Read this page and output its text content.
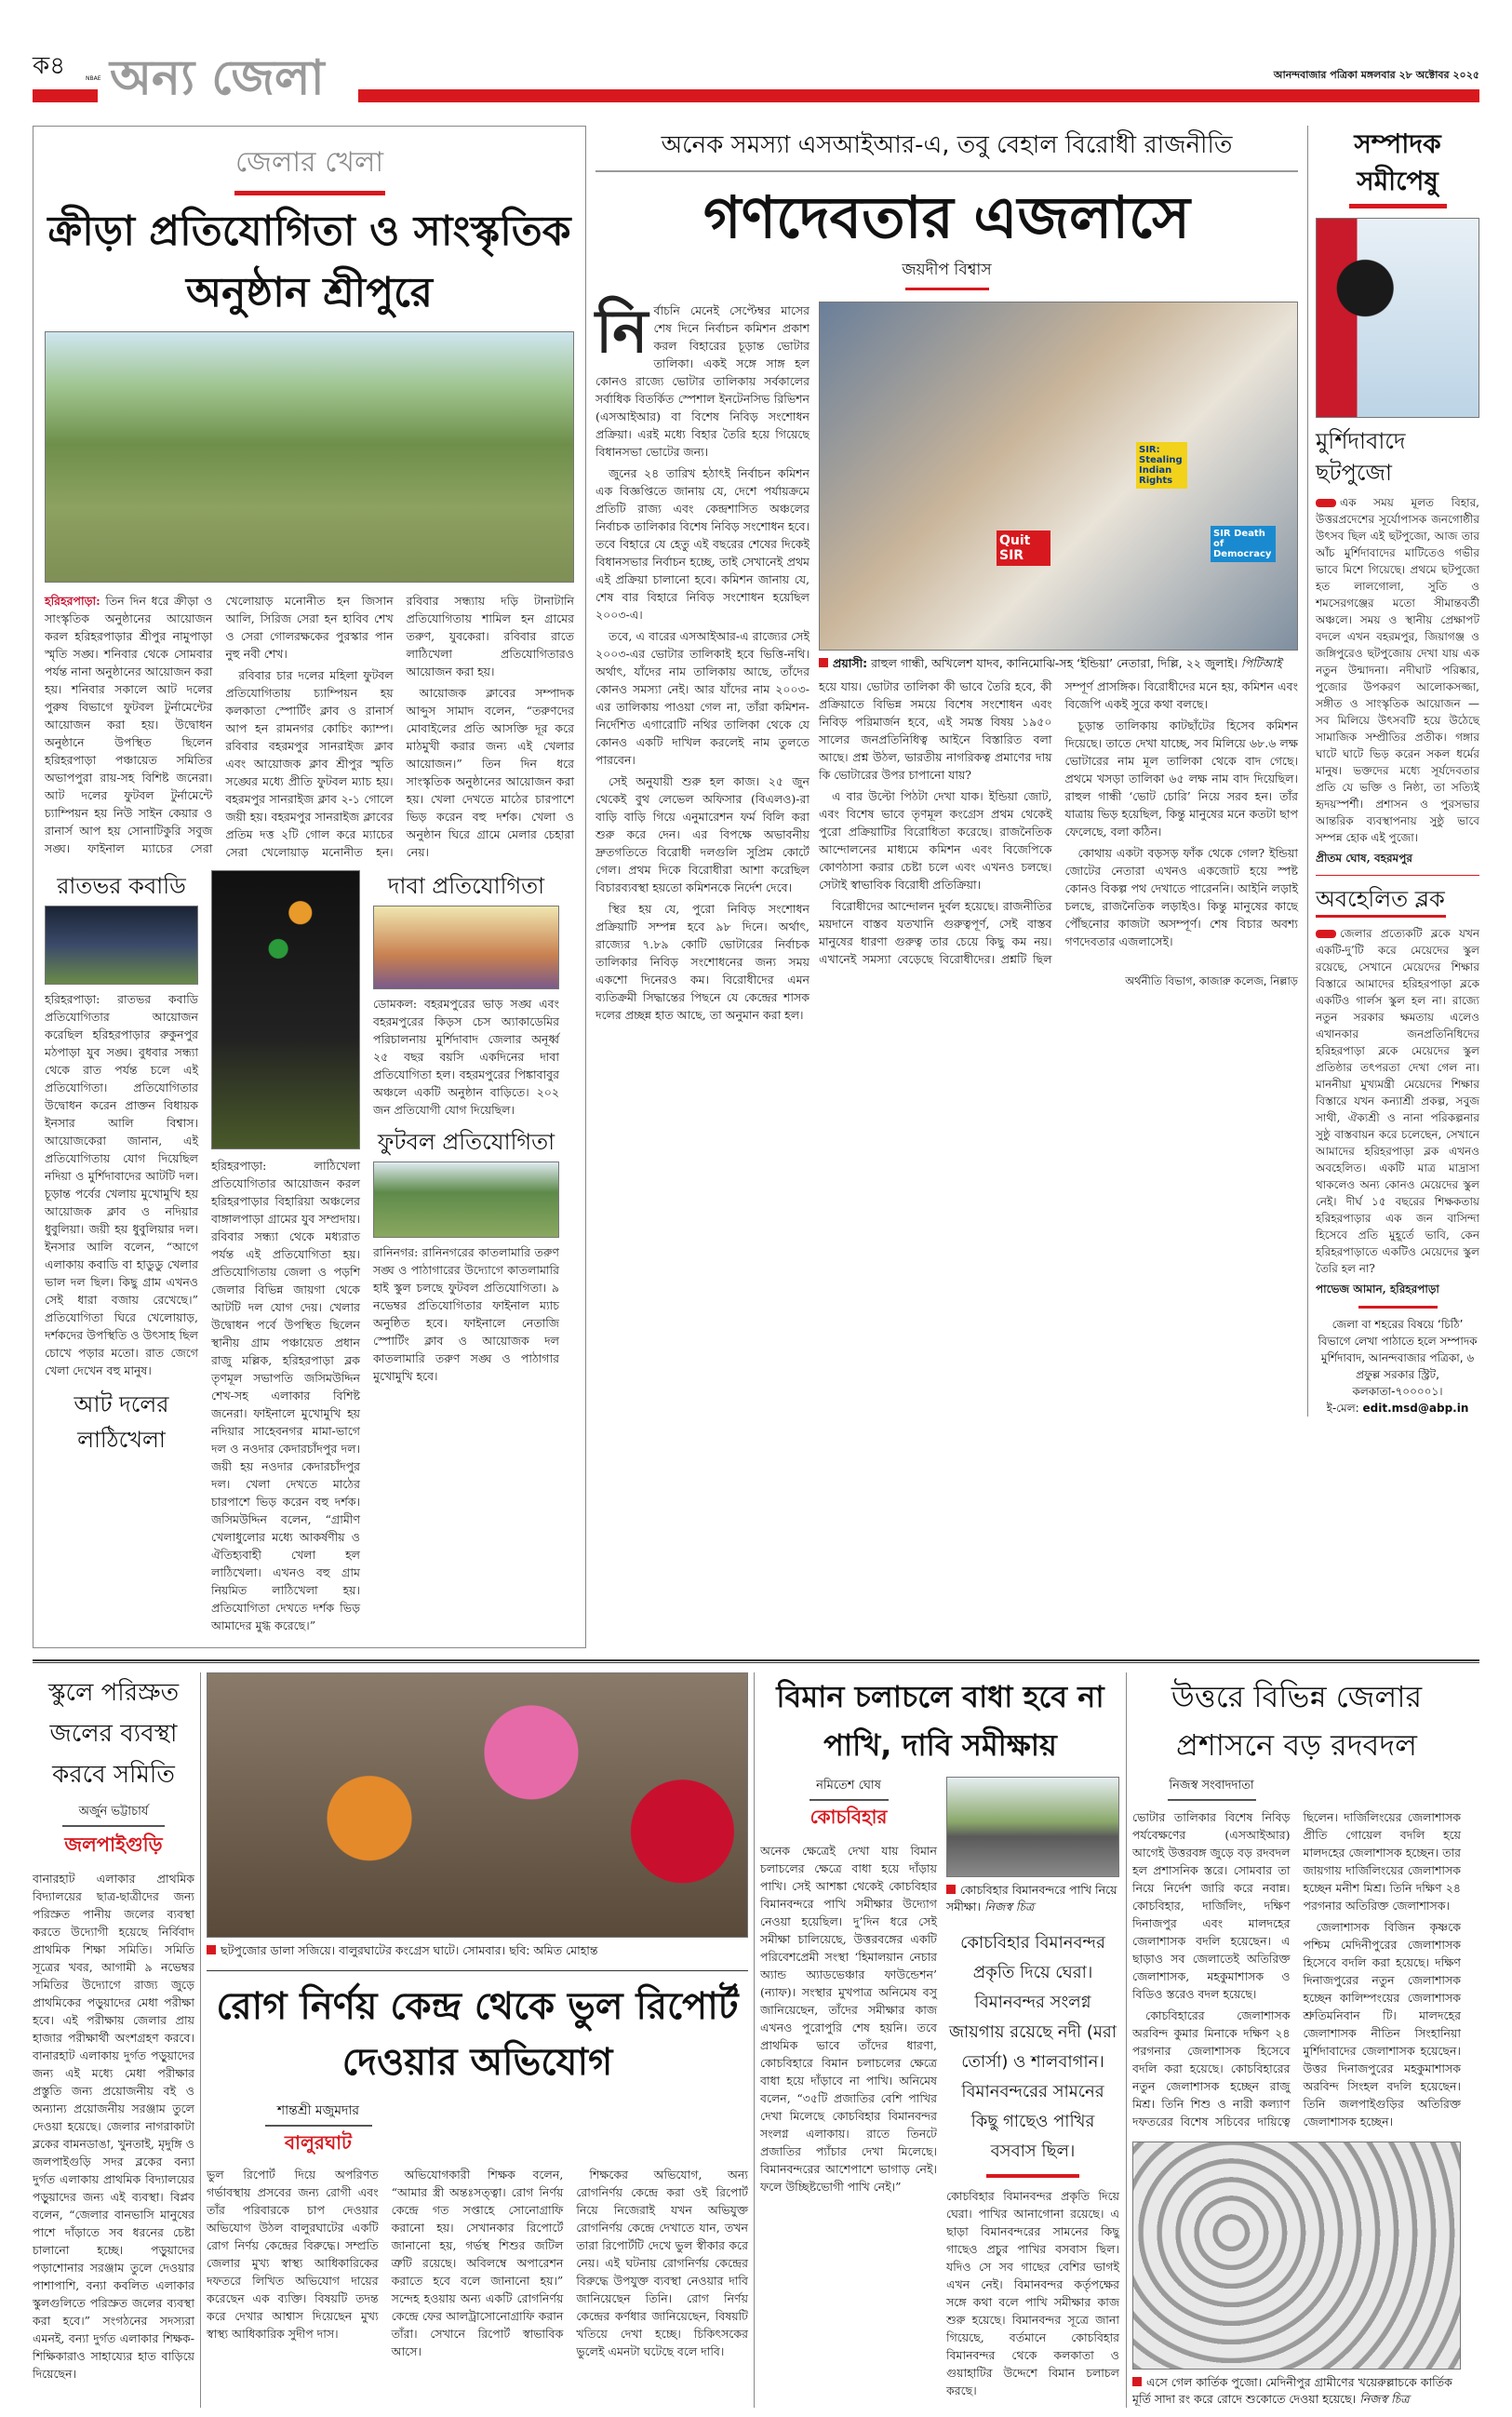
ক৪	NBAE অন্য জেলা	আনন্দবাজার পত্রিকা মঙ্গলবার ২৮ অক্টোবর ২০২৫
জেলার খেলা
ক্রীড়া প্রতিযোগিতা ও সাংস্কৃতিক অনুষ্ঠান শ্রীপুরে

হরিহরপাড়া: তিন দিন ধরে ক্রীড়া ও সাংস্কৃতিক অনুষ্ঠানের আয়োজন করল হরিহরপাড়ার শ্রীপুর নামুপাড়া স্মৃতি সঙ্ঘ। শনিবার থেকে সোমবার পর্যন্ত নানা অনুষ্ঠানের আয়োজন করা হয়। শনিবার সকালে আট দলের পুরুষ বিভাগে ফুটবল টুর্নামেন্টের আয়োজন করা হয়। উদ্বোধন অনুষ্ঠানে উপস্থিত ছিলেন হরিহরপাড়া পঞ্চায়েত সমিতির অভাপপুরা রায়-সহ বিশিষ্ট জনেরা। আট দলের ফুটবল টুর্নামেন্টে চ্যাম্পিয়ন হয় নিউ সাইন কেয়ার ও রানার্স আপ হয় সোনাটিকুরি সবুজ সঙ্ঘ। ফাইনাল ম্যাচের সেরা খেলোয়াড় মনোনীত হন জিসান আলি, সিরিজ সেরা হন হাবিব শেখ ও সেরা গোলরক্ষকের পুরস্কার পান নুহু নবী শেখ।

রবিবার চার দলের মহিলা ফুটবল প্রতিযোগিতায় চ্যাম্পিয়ন হয় কলকাতা স্পোর্টিং ক্লাব ও রানার্স আপ হন রামনগর কোচিং ক্যাম্প। রবিবার বহরমপুর সানরাইজ ক্লাব এবং আয়োজক ক্লাব শ্রীপুর স্মৃতি সঙ্ঘের মধ্যে প্রীতি ফুটবল ম্যাচ হয়। বহরমপুর সানরাইজ ক্লাব ২-১ গোলে জয়ী হয়। বহরমপুর সানরাইজ ক্লাবের প্রতিম দত্ত ২টি গোল করে ম্যাচের সেরা খেলোয়াড় মনোনীত হন। রবিবার সন্ধ্যায় দড়ি টানাটানি প্রতিযোগিতায় শামিল হন গ্রামের তরুণ, যুবকেরা। রবিবার রাতে লাঠিখেলা প্রতিযোগিতারও আয়োজন করা হয়।

আয়োজক ক্লাবের সম্পাদক আব্দুস সামাদ বলেন, “তরুণদের মোবাইলের প্রতি আসক্তি দূর করে মাঠমুখী করার জন্য এই খেলার আয়োজন।” তিন দিন ধরে সাংস্কৃতিক অনুষ্ঠানের আয়োজন করা হয়। খেলা দেখতে মাঠের চারপাশে ভিড় করেন বহু দর্শক। খেলা ও অনুষ্ঠান ঘিরে গ্রামে মেলার চেহারা নেয়।

রাতভর কবাডি
হরিহরপাড়া: রাতভর কবাডি প্রতিযোগিতার আয়োজন করেছিল হরিহরপাড়ার রুকুনপুর মঠপাড়া যুব সঙ্ঘ। বুধবার সন্ধ্যা থেকে রাত পর্যন্ত চলে এই প্রতিযোগিতা। প্রতিযোগিতার উদ্বোধন করেন প্রাক্তন বিধায়ক ইনসার আলি বিশ্বাস। আয়োজকেরা জানান, এই প্রতিযোগিতায় যোগ দিয়েছিল নদিয়া ও মুর্শিদাবাদের আটটি দল। চূড়ান্ত পর্বের খেলায় মুখোমুখি হয় আয়োজক ক্লাব ও নদিয়ার ধুবুলিয়া। জয়ী হয় ধুবুলিয়ার দল। ইনসার আলি বলেন, “আগে এলাকায় কবাডি বা হাডুডু খেলার ভাল দল ছিল। কিছু গ্রাম এখনও সেই ধারা বজায় রেখেছে।” প্রতিযোগিতা ঘিরে খেলোয়াড়, দর্শকদের উপস্থিতি ও উৎসাহ ছিল চোখে পড়ার মতো। রাত জেগে খেলা দেখেন বহু মানুষ।
আট দলের লাঠিখেলা
হরিহরপাড়া: লাঠিখেলা প্রতিযোগিতার আয়োজন করল হরিহরপাড়ার বিহারিয়া অঞ্চলের বাঙ্গালপাড়া গ্রামের যুব সম্প্রদায়। রবিবার সন্ধ্যা থেকে মধ্যরাত পর্যন্ত এই প্রতিযোগিতা হয়। প্রতিযোগিতায় জেলা ও পড়শি জেলার বিভিন্ন জায়গা থেকে আটটি দল যোগ দেয়। খেলার উদ্বোধন পর্বে উপস্থিত ছিলেন স্থানীয় গ্রাম পঞ্চায়েত প্রধান রাজু মল্লিক, হরিহরপাড়া ব্লক তৃণমূল সভাপতি জসিমউদ্দিন শেখ-সহ এলাকার বিশিষ্ট জনেরা। ফাইনালে মুখোমুখি হয় নদিয়ার সাহেবনগর মামা-ভাগে দল ও নওদার কেদারচাঁদপুর দল। জয়ী হয় নওদার কেদারচাঁদপুর দল। খেলা দেখতে মাঠের চারপাশে ভিড় করেন বহু দর্শক। জসিমউদ্দিন বলেন, “গ্রামীণ খেলাধুলোর মধ্যে আকর্ষণীয় ও ঐতিহ্যবাহী খেলা হল লাঠিখেলা। এখনও বহু গ্রাম নিয়মিত লাঠিখেলা হয়। প্রতিযোগিতা দেখতে দর্শক ভিড় আমাদের মুগ্ধ করেছে।”
দাবা প্রতিযোগিতা
ডোমকল: বহরমপুরের ভাড় সঙ্ঘ এবং বহরমপুরের কিড়স চেস অ্যাকাডেমির পরিচালনায় মুর্শিদাবাদ জেলার অনূর্ধ্ব ২৫ বছর বয়সি একদিনের দাবা প্রতিযোগিতা হল। বহরমপুরের পিঙ্কাবাবুর অঞ্চলে একটি অনুষ্ঠান বাড়িতে। ২০২ জন প্রতিযোগী যোগ দিয়েছিল।
ফুটবল প্রতিযোগিতা
রানিনগর: রানিনগরের কাতলামারি তরুণ সঙ্ঘ ও পাঠাগারের উদ্যোগে কাতলামারি হাই স্কুল চলছে ফুটবল প্রতিযোগিতা। ৯ নভেম্বর প্রতিযোগিতার ফাইনাল ম্যাচ অনুষ্ঠিত হবে। ফাইনালে নেতাজি স্পোর্টিং ক্লাব ও আয়োজক দল কাতলামারি তরুণ সঙ্ঘ ও পাঠাগার মুখোমুখি হবে।
অনেক সমস্যা এসআইআর-এ, তবু বেহাল বিরোধী রাজনীতি
গণদেবতার এজলাসে
জয়দীপ বিশ্বাস

নির্বাচনি মেনেই সেপ্টেম্বর মাসের শেষ দিনে নির্বাচন কমিশন প্রকাশ করল বিহারের চূড়ান্ত ভোটার তালিকা। একই সঙ্গে সাঙ্গ হল কোনও রাজ্যে ভোটার তালিকায় সর্বকালের সর্বাধিক বিতর্কিত স্পেশাল ইনটেনসিভ রিভিশন (এসআইআর) বা বিশেষ নিবিড় সংশোধন প্রক্রিয়া। এরই মধ্যে বিহার তৈরি হয়ে গিয়েছে বিধানসভা ভোটের জন্য।

জুনের ২৪ তারিখ হঠাৎই নির্বাচন কমিশন এক বিজ্ঞপ্তিতে জানায় যে, দেশে পর্যায়ক্রমে প্রতিটি রাজ্য এবং কেন্দ্রশাসিত অঞ্চলের নির্বাচক তালিকার বিশেষ নিবিড় সংশোধন হবে। তবে বিহারে যে হেতু এই বছরের শেষের দিকেই বিধানসভার নির্বাচন হচ্ছে, তাই সেখানেই প্রথম এই প্রক্রিয়া চালানো হবে। কমিশন জানায় যে, শেষ বার বিহারে নিবিড় সংশোধন হয়েছিল ২০০৩-এ।

তবে, এ বারের এসআইআর-এ রাজ্যের সেই ২০০৩-এর ভোটার তালিকাই হবে ভিত্তি-নথি। অর্থাৎ, যাঁদের নাম তালিকায় আছে, তাঁদের কোনও সমস্যা নেই। আর যাঁদের নাম ২০০৩-এর তালিকায় পাওয়া গেল না, তাঁরা কমিশন-নির্দেশিত এগারোটি নথির তালিকা থেকে যে কোনও একটি দাখিল করলেই নাম তুলতে পারবেন।

সেই অনুযায়ী শুরু হল কাজ। ২৫ জুন থেকেই বুথ লেভেল অফিসার (বিএলও)-রা বাড়ি বাড়ি গিয়ে এনুমারেশন ফর্ম বিলি করা শুরু করে দেন। এর বিপক্ষে অভাবনীয় দ্রুতগতিতে বিরোধী দলগুলি সুপ্রিম কোর্টে গেল। প্রথম দিকে বিরোধীরা আশা করেছিল বিচারব্যবস্থা হয়তো কমিশনকে নির্দেশ দেবে।

স্থির হয় যে, পুরো নিবিড় সংশোধন প্রক্রিয়াটি সম্পন্ন হবে ৯৮ দিনে। অর্থাৎ, রাজ্যের ৭.৮৯ কোটি ভোটারের নির্বাচক তালিকার নিবিড় সংশোধনের জন্য সময় একশো দিনেরও কম। বিরোধীদের এমন ব্যতিক্রমী সিদ্ধান্তের পিছনে যে কেন্দ্রের শাসক দলের প্রচ্ছন্ন হাত আছে, তা অনুমান করা হল।

SIR: Stealing Indian Rights
Quit SIR
SIR Death of Democracy
প্রয়াসী: রাহুল গান্ধী, অখিলেশ যাদব, কানিমোঝি-সহ ‘ইন্ডিয়া’ নেতারা, দিল্লি, ২২ জুলাই। পিটিআই

হয়ে যায়। ভোটার তালিকা কী ভাবে তৈরি হবে, কী প্রক্রিয়াতে বিভিন্ন সময়ে বিশেষ সংশোধন এবং নিবিড় পরিমার্জন হবে, এই সমস্ত বিষয় ১৯৫০ সালের জনপ্রতিনিধিত্ব আইনে বিস্তারিত বলা আছে। প্রশ্ন উঠল, ভারতীয় নাগরিকত্ব প্রমাণের দায় কি ভোটারের উপর চাপানো যায়?

এ বার উল্টো পিঠটা দেখা যাক। ইন্ডিয়া জোট, এবং বিশেষ ভাবে তৃণমূল কংগ্রেস প্রথম থেকেই পুরো প্রক্রিয়াটির বিরোধিতা করেছে। রাজনৈতিক আন্দোলনের মাধ্যমে কমিশন এবং বিজেপিকে কোণঠাসা করার চেষ্টা চলে এবং এখনও চলছে। সেটাই স্বাভাবিক বিরোধী প্রতিক্রিয়া।

বিরোধীদের আন্দোলন দুর্বল হয়েছে। রাজনীতির ময়দানে বাস্তব যতখানি গুরুত্বপূর্ণ, সেই বাস্তব মানুষের ধারণা গুরুত্ব তার চেয়ে কিছু কম নয়। এখানেই সমস্যা বেড়েছে বিরোধীদের। প্রশ্নটি ছিল সম্পূর্ণ প্রাসঙ্গিক। বিরোধীদের মনে হয়, কমিশন এবং বিজেপি একই সুরে কথা বলছে।

চূড়ান্ত তালিকায় কাটছাঁটের হিসেব কমিশন দিয়েছে। তাতে দেখা যাচ্ছে, সব মিলিয়ে ৬৮.৬ লক্ষ ভোটারের নাম মূল তালিকা থেকে বাদ গেছে। প্রথমে খসড়া তালিকা ৬৫ লক্ষ নাম বাদ দিয়েছিল। রাহুল গান্ধী ‘ভোট চোরি’ নিয়ে সরব হন। তাঁর যাত্রায় ভিড় হয়েছিল, কিন্তু মানুষের মনে কতটা ছাপ ফেলেছে, বলা কঠিন।

কোথায় একটা বড়সড় ফাঁক থেকে গেল? ইন্ডিয়া জোটের নেতারা এখনও একজোট হয়ে স্পষ্ট কোনও বিকল্প পথ দেখাতে পারেননি। আইনি লড়াই চলছে, রাজনৈতিক লড়াইও। কিন্তু মানুষের কাছে পৌঁছনোর কাজটা অসম্পূর্ণ। শেষ বিচার অবশ্য গণদেবতার এজলাসেই।

অর্থনীতি বিভাগ, কাজারু কলেজ, নিল্লাড়
সম্পাদক সমীপেষু
মুর্শিদাবাদে ছটপুজো
এক সময় মূলত বিহার, উত্তরপ্রদেশের সূর্যোপাসক জনগোষ্ঠীর উৎসব ছিল এই ছটপুজো, আজ তার আঁচ মুর্শিদাবাদের মাটিতেও গভীর ভাবে মিশে গিয়েছে। প্রথমে ছটপুজো হত লালগোলা, সুতি ও শমসেরগঞ্জের মতো সীমান্তবর্তী অঞ্চলে। সময় ও স্থানীয় প্রেক্ষাপট বদলে এখন বহরমপুর, জিয়াগঞ্জ ও জঙ্গিপুরেও ছটপুজোয় দেখা যায় এক নতুন উন্মাদনা। নদীঘাট পরিষ্কার, পুজোর উপকরণ আলোকসজ্জা, সঙ্গীত ও সাংস্কৃতিক আয়োজন — সব মিলিয়ে উৎসবটি হয়ে উঠেছে সামাজিক সম্প্রীতির প্রতীক। গঙ্গার ঘাটে ঘাটে ভিড় করেন সকল ধর্মের মানুষ। ভক্তদের মধ্যে সূর্যদেবতার প্রতি যে ভক্তি ও নিষ্ঠা, তা সত্যিই হৃদয়স্পর্শী। প্রশাসন ও পুরসভার আন্তরিক ব্যবস্থাপনায় সুষ্ঠু ভাবে সম্পন্ন হোক এই পুজো।
প্রীতম ঘোষ, বহরমপুর
অবহেলিত ব্লক
জেলার প্রত্যেকটি ব্লকে যখন একটি-দু’টি করে মেয়েদের স্কুল রয়েছে, সেখানে মেয়েদের শিক্ষার বিস্তারে আমাদের হরিহরপাড়া ব্লকে একটিও গার্লস স্কুল হল না। রাজ্যে নতুন সরকার ক্ষমতায় এলেও এখানকার জনপ্রতিনিধিদের হরিহরপাড়া ব্লকে মেয়েদের স্কুল প্রতিষ্ঠার তৎপরতা দেখা গেল না। মাননীয়া মুখ্যমন্ত্রী মেয়েদের শিক্ষার বিস্তারে যখন কন্যাশ্রী প্রকল্প, সবুজ সাথী, ঐক্যশ্রী ও নানা পরিকল্পনার সুষ্ঠু বাস্তবায়ন করে চলেছেন, সেখানে আমাদের হরিহরপাড়া ব্লক এখনও অবহেলিত। একটি মাত্র মাদ্রাসা থাকলেও অন্য কোনও মেয়েদের স্কুল নেই। দীর্ঘ ১৫ বছরের শিক্ষকতায় হরিহরপাড়ার এক জন বাসিন্দা হিসেবে প্রতি মুহূর্তে ভাবি, কেন হরিহরপাড়াতে একটিও মেয়েদের স্কুল তৈরি হল না?
পাভেজ আমান, হরিহরপাড়া
জেলা বা শহরের বিষয়ে ‘চিঠি’ বিভাগে লেখা পাঠাতে হলে সম্পাদক মুর্শিদাবাদ, আনন্দবাজার পত্রিকা, ৬ প্রফুল্ল সরকার স্ট্রিট, কলকাতা-৭০০০০১।
ই-মেল: edit.msd@abp.in
স্কুলে পরিস্রুত জলের ব্যবস্থা করবে সমিতি
অর্জুন ভট্টাচার্য
জলপাইগুড়ি
বানারহাট এলাকার প্রাথমিক বিদ্যালয়ের ছাত্র-ছাত্রীদের জন্য পরিস্রুত পানীয় জলের ব্যবস্থা করতে উদ্যোগী হয়েছে নির্বিবাদ প্রাথমিক শিক্ষা সমিতি। সমিতি সূত্রের খবর, আগামী ৯ নভেম্বর সমিতির উদ্যোগে রাজ্য জুড়ে প্রাথমিকের পড়ুয়াদের মেধা পরীক্ষা হবে। এই পরীক্ষায় জেলার প্রায় হাজার পরীক্ষার্থী অংশগ্রহণ করবে। বানারহাট এলাকায় দুর্গত পড়ুয়াদের জন্য এই মধ্যে মেধা পরীক্ষার প্রস্তুতি জন্য প্রয়োজনীয় বই ও অন্যান্য প্রয়োজনীয় সরঞ্জাম তুলে দেওয়া হয়েছে। জেলার নাগরাকাটা ব্লকের বামনডাঙা, খুনতাই, মৃদুঙ্গি ও জলপাইগুড়ি সদর ব্লকের বন্যা দুর্গত এলাকায় প্রাথমিক বিদ্যালয়ের পড়ুয়াদের জন্য এই ব্যবস্থা। বিপ্লব বলেন, “জেলার বানভাসি মানুষের পাশে দাঁড়াতে সব ধরনের চেষ্টা চালানো হচ্ছে। পড়ুয়াদের পড়াশোনার সরঞ্জাম তুলে দেওয়ার পাশাপাশি, বন্যা কবলিত এলাকার স্কুলগুলিতে পরিস্রুত জলের ব্যবস্থা করা হবে।” সংগঠনের সদস্যরা এমনই, বন্যা দুর্গত এলাকার শিক্ষক-শিক্ষিকারাও সাহায্যের হাত বাড়িয়ে দিয়েছেন।
ছটপুজোর ডালা সজিয়ে। বালুরঘাটের কংগ্রেস ঘাটে। সোমবার। ছবি: অমিত মোহান্ত
রোগ নির্ণয় কেন্দ্র থেকে ভুল রিপোর্ট দেওয়ার অভিযোগ
শান্তশ্রী মজুমদার
বালুরঘাট

ভুল রিপোর্ট দিয়ে অপরিণত গর্ভাবস্থায় প্রসবের জন্য রোগী এবং তাঁর পরিবারকে চাপ দেওয়ার অভিযোগ উঠল বালুরঘাটের একটি রোগ নির্ণয় কেন্দ্রের বিরুদ্ধে। সম্প্রতি জেলার মুখ্য স্বাস্থ্য আধিকারিকের দফতরে লিখিত অভিযোগ দায়ের করেছেন এক ব্যক্তি। বিষয়টি তদন্ত করে দেখার আশ্বাস দিয়েছেন মুখ্য স্বাস্থ্য আধিকারিক সুদীপ দাস।

অভিযোগকারী শিক্ষক বলেন, “আমার স্ত্রী অন্তঃসত্ত্বা। রোগ নির্ণয় কেন্দ্রে গত সপ্তাহে সোনোগ্রাফি করানো হয়। সেখানকার রিপোর্টে জানানো হয়, গর্ভস্থ শিশুর জটিল ত্রুটি রয়েছে। অবিলম্বে অপারেশন করাতে হবে বলে জানানো হয়।” সন্দেহ হওয়ায় অন্য একটি রোগনির্ণয় কেন্দ্রে ফের আলট্রাসোনোগ্রাফি করান তাঁরা। সেখানে রিপোর্ট স্বাভাবিক আসে।

শিক্ষকের অভিযোগ, অন্য রোগনির্ণয় কেন্দ্রে করা ওই রিপোর্ট নিয়ে নিজেরাই যখন অভিযুক্ত রোগনির্ণয় কেন্দ্রে দেখাতে যান, তখন তারা রিপোর্টটি দেখে ভুল স্বীকার করে নেয়। এই ঘটনায় রোগনির্ণয় কেন্দ্রের বিরুদ্ধে উপযুক্ত ব্যবস্থা নেওয়ার দাবি জানিয়েছেন তিনি। রোগ নির্ণয় কেন্দ্রের কর্ণধার জানিয়েছেন, বিষয়টি খতিয়ে দেখা হচ্ছে। চিকিৎসকের ভুলেই এমনটা ঘটেছে বলে দাবি।

বিমান চলাচলে বাধা হবে না পাখি, দাবি সমীক্ষায়
নমিতেশ ঘোষ
কোচবিহার
অনেক ক্ষেত্রেই দেখা যায় বিমান চলাচলের ক্ষেত্রে বাধা হয়ে দাঁড়ায় পাখি। সেই আশঙ্কা থেকেই কোচবিহার বিমানবন্দরে পাখি সমীক্ষার উদ্যোগ নেওয়া হয়েছিল। দু’দিন ধরে সেই সমীক্ষা চালিয়েছে, উত্তরবঙ্গের একটি পরিবেশপ্রেমী সংস্থা ‘হিমালয়ান নেচার অ্যান্ড অ্যাডভেঞ্চার ফাউন্ডেশন’ (ন্যাফ)। সংস্থার মুখপাত্র অনিমেষ বসু জানিয়েছেন, তাঁদের সমীক্ষার কাজ এখনও পুরোপুরি শেষ হয়নি। তবে প্রাথমিক ভাবে তাঁদের ধারণা, কোচবিহারে বিমান চলাচলের ক্ষেত্রে বাধা হয়ে দাঁড়াবে না পাখি। অনিমেষ বলেন, “৩৫টি প্রজাতির বেশি পাখির দেখা মিলেছে কোচবিহার বিমানবন্দর সংলগ্ন এলাকায়। রাতে তিনটে প্রজাতির প্যাঁচার দেখা মিলেছে। বিমানবন্দরের আশেপাশে ভাগাড় নেই। ফলে উচ্ছিষ্টভোগী পাখি নেই।”
কোচবিহার বিমানবন্দরে পাখি নিয়ে সমীক্ষা। নিজস্ব চিত্র
কোচবিহার বিমানবন্দর প্রকৃতি দিয়ে ঘেরা। বিমানবন্দর সংলগ্ন জায়গায় রয়েছে নদী (মরা তোর্সা) ও শালবাগান। বিমানবন্দরের সামনের কিছু গাছেও পাখির বসবাস ছিল।
কোচবিহার বিমানবন্দর প্রকৃতি দিয়ে ঘেরা। পাখির আনাগোনা রয়েছে। এ ছাড়া বিমানবন্দরের সামনের কিছু গাছেও প্রচুর পাখির বসবাস ছিল। যদিও সে সব গাছের বেশির ভাগই এখন নেই। বিমানবন্দর কর্তৃপক্ষের সঙ্গে কথা বলে পাখি সমীক্ষার কাজ শুরু হয়েছে। বিমানবন্দর সূত্রে জানা গিয়েছে, বর্তমানে কোচবিহার বিমানবন্দর থেকে কলকাতা ও গুয়াহাটির উদ্দেশে বিমান চলাচল করছে।
উত্তরে বিভিন্ন জেলার প্রশাসনে বড় রদবদল
নিজস্ব সংবাদদাতা

ভোটার তালিকার বিশেষ নিবিড় পর্যবেক্ষণের (এসআইআর) আগেই উত্তরবঙ্গ জুড়ে বড় রদবদল হল প্রশাসনিক স্তরে। সোমবার তা নিয়ে নির্দেশ জারি করে নবান্ন। কোচবিহার, দার্জিলিং, দক্ষিণ দিনাজপুর এবং মালদহের জেলাশাসক বদলি হয়েছেন। এ ছাড়াও সব জেলাতেই অতিরিক্ত জেলাশাসক, মহকুমাশাসক ও বিডিও স্তরেও বদল হয়েছে।

কোচবিহারের জেলাশাসক অরবিন্দ কুমার মিনাকে দক্ষিণ ২৪ পরগনার জেলাশাসক হিসেবে বদলি করা হয়েছে। কোচবিহারের নতুন জেলাশাসক হচ্ছেন রাজু মিশ্র। তিনি শিশু ও নারী কল্যাণ দফতরের বিশেষ সচিবের দায়িত্বে ছিলেন। দার্জিলিংয়ের জেলাশাসক প্রীতি গোয়েল বদলি হয়ে মালদহের জেলাশাসক হচ্ছেন। তার জায়গায় দার্জিলিংয়ের জেলাশাসক হচ্ছেন মনীশ মিশ্র। তিনি দক্ষিণ ২৪ পরগনার অতিরিক্ত জেলাশাসক।

জেলাশাসক বিজিন কৃষ্ণকে পশ্চিম মেদিনীপুরের জেলাশাসক হিসেবে বদলি করা হয়েছে। দক্ষিণ দিনাজপুরের নতুন জেলাশাসক হচ্ছেন কালিম্পংয়ের জেলাশাসক শ্রুতিমনিবান টি। মালদহের জেলাশাসক নীতিন সিংহানিয়া মুর্শিদাবাদের জেলাশাসক হয়েছেন। উত্তর দিনাজপুরের মহকুমাশাসক অরবিন্দ সিংহল বদলি হয়েছেন। তিনি জলপাইগুড়ির অতিরিক্ত জেলাশাসক হচ্ছেন।

এসে গেল কার্তিক পুজো। মেদিনীপুর গ্রামীণের খয়েরুল্লাচকে কার্তিক মূর্তি সাদা রং করে রোদে শুকোতে দেওয়া হয়েছে। নিজস্ব চিত্র
